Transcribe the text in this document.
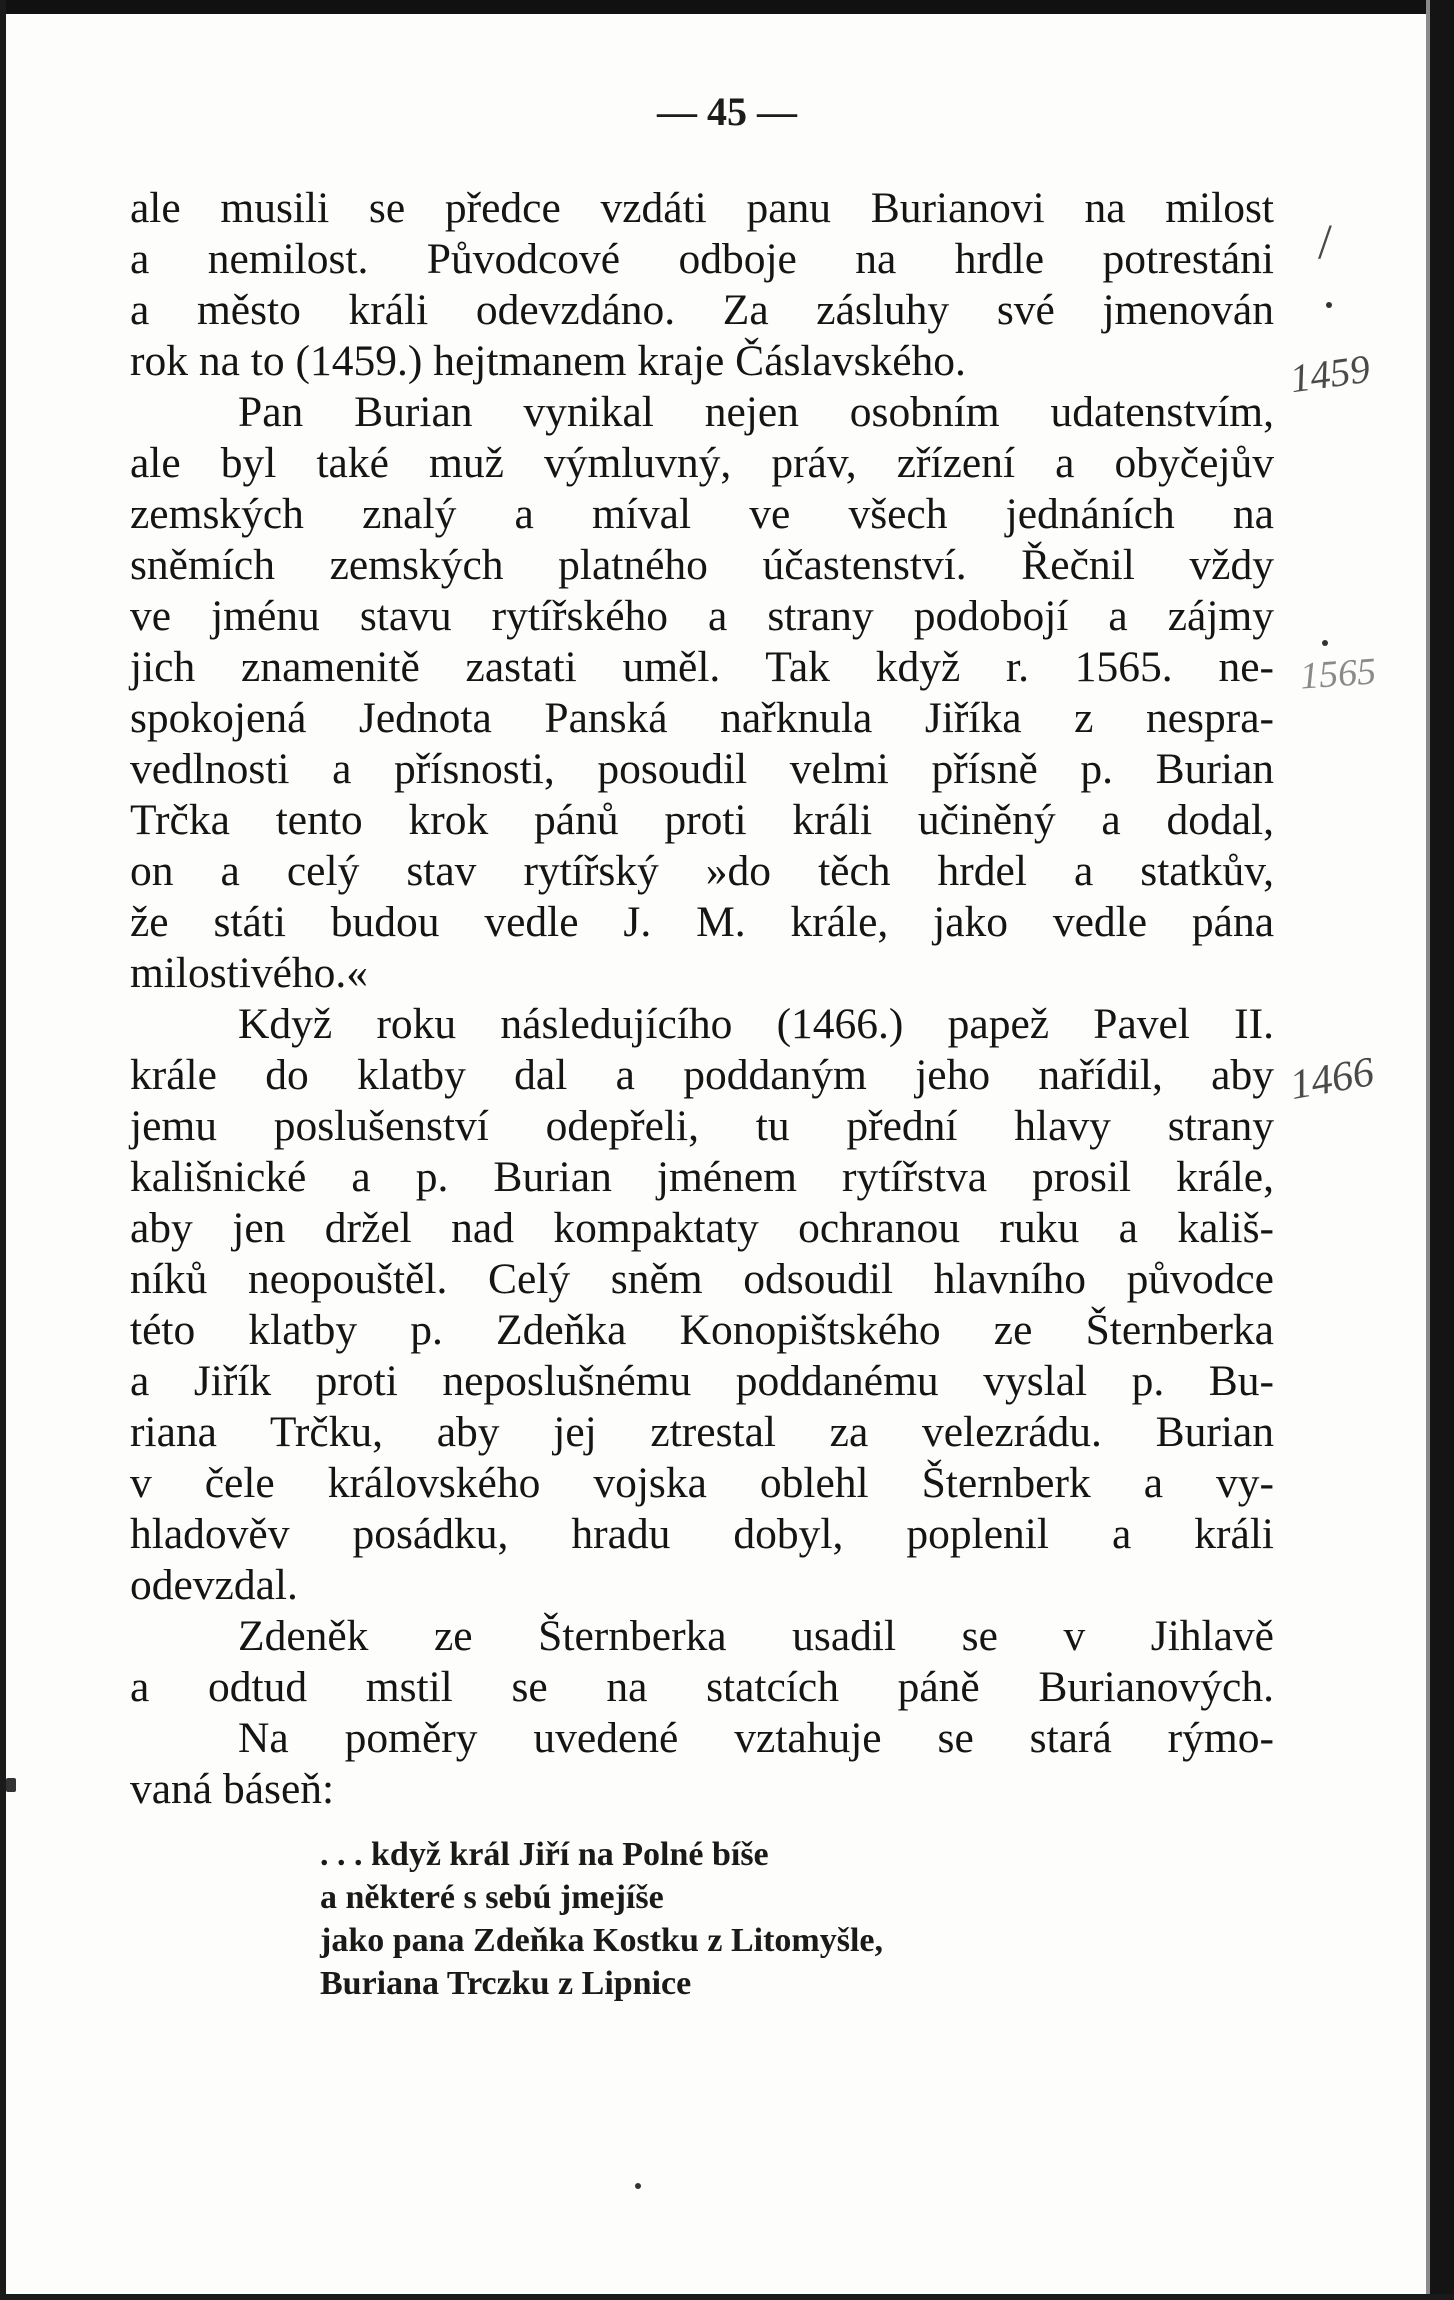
— 45 —
ale musili se předce vzdáti panu Burianovi na milost
a nemilost. Původcové odboje na hrdle potrestáni
a město králi odevzdáno. Za zásluhy své jmenován
rok na to (1459.) hejtmanem kraje Čáslavského.
Pan Burian vynikal nejen osobním udatenstvím,
ale byl také muž výmluvný, práv, zřízení a obyčejův
zemských znalý a míval ve všech jednáních na
sněmích zemských platného účastenství. Řečnil vždy
ve jménu stavu rytířského a strany podobojí a zájmy
jich znamenitě zastati uměl. Tak když r. 1565. ne-
spokojená Jednota Panská nařknula Jiříka z nespra-
vedlnosti a přísnosti, posoudil velmi přísně p. Burian
Trčka tento krok pánů proti králi učiněný a dodal,
on a celý stav rytířský »do těch hrdel a statkův,
že státi budou vedle J. M. krále, jako vedle pána
milostivého.«
Když roku následujícího (1466.) papež Pavel II.
krále do klatby dal a poddaným jeho nařídil, aby
jemu poslušenství odepřeli, tu přední hlavy strany
kališnické a p. Burian jménem rytířstva prosil krále,
aby jen držel nad kompaktaty ochranou ruku a kališ-
níků neopouštěl. Celý sněm odsoudil hlavního původce
této klatby p. Zdeňka Konopištského ze Šternberka
a Jiřík proti neposlušnému poddanému vyslal p. Bu-
riana Trčku, aby jej ztrestal za velezrádu. Burian
v čele královského vojska oblehl Šternberk a vy-
hladověv posádku, hradu dobyl, poplenil a králi
odevzdal.
Zdeněk ze Šternberka usadil se v Jihlavě
a odtud mstil se na statcích páně Burianových.
Na poměry uvedené vztahuje se stará rýmo-
vaná báseň:
. . . když král Jiří na Polné bíše
a některé s sebú jmejíše
jako pana Zdeňka Kostku z Litomyšle,
Buriana Trczku z Lipnice
1459
1565
1466
/
